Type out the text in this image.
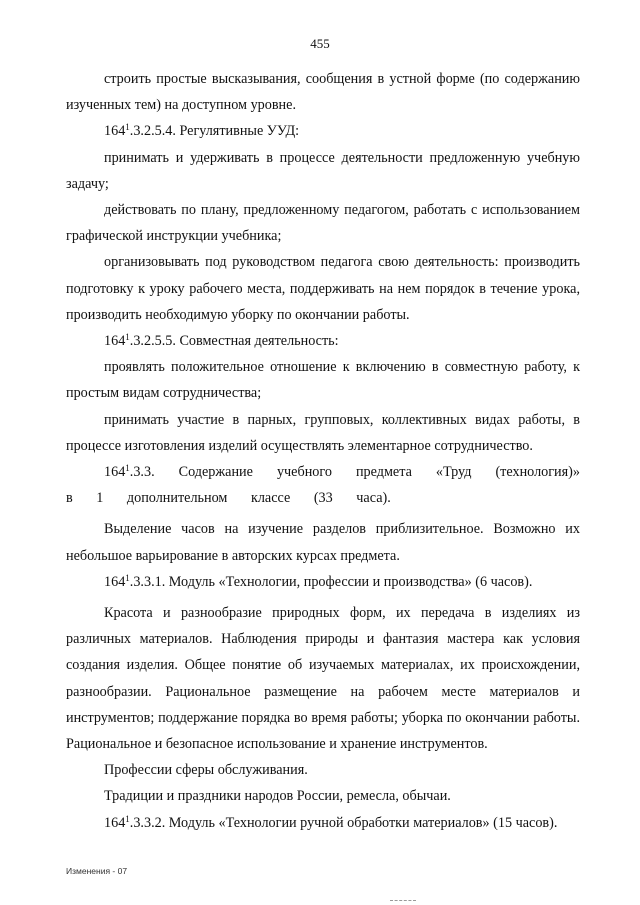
455

строить простые высказывания, сообщения в устной форме (по содержанию изученных тем) на доступном уровне.

$164^1.3.2.5.4$. Регулятивные УУД:

принимать и удерживать в процессе деятельности предложенную учебную задачу;

действовать по плану, предложенному педагогом, работать с использованием графической инструкции учебника;

организовывать под руководством педагога свою деятельность: производить подготовку к уроку рабочего места, поддерживать на нем порядок в течение урока, производить необходимую уборку по окончании работы.

$164^1.3.2.5.5$. Совместная деятельность:

проявлять положительное отношение к включению в совместную работу, к простым видам сотрудничества;

принимать участие в парных, групповых, коллективных видах работы, в процессе изготовления изделий осуществлять элементарное сотрудничество.

$164^1.3.3$. Содержание учебного предмета «Труд (технология)» в 1 дополнительном классе (33 часа).

Выделение часов на изучение разделов приблизительное. Возможно их небольшое варьирование в авторских курсах предмета.

$164^1.3.3.1$. Модуль «Технологии, профессии и производства» (6 часов).

Красота и разнообразие природных форм, их передача в изделиях из различных материалов. Наблюдения природы и фантазия мастера как условия создания изделия. Общее понятие об изучаемых материалах, их происхождении, разнообразии. Рациональное размещение на рабочем месте материалов и инструментов; поддержание порядка во время работы; уборка по окончании работы. Рациональное и безопасное использование и хранение инструментов.

Профессии сферы обслуживания.

Традиции и праздники народов России, ремесла, обычаи.

$164^1.3.3.2$. Модуль «Технологии ручной обработки материалов» (15 часов).

Изменения - 07
